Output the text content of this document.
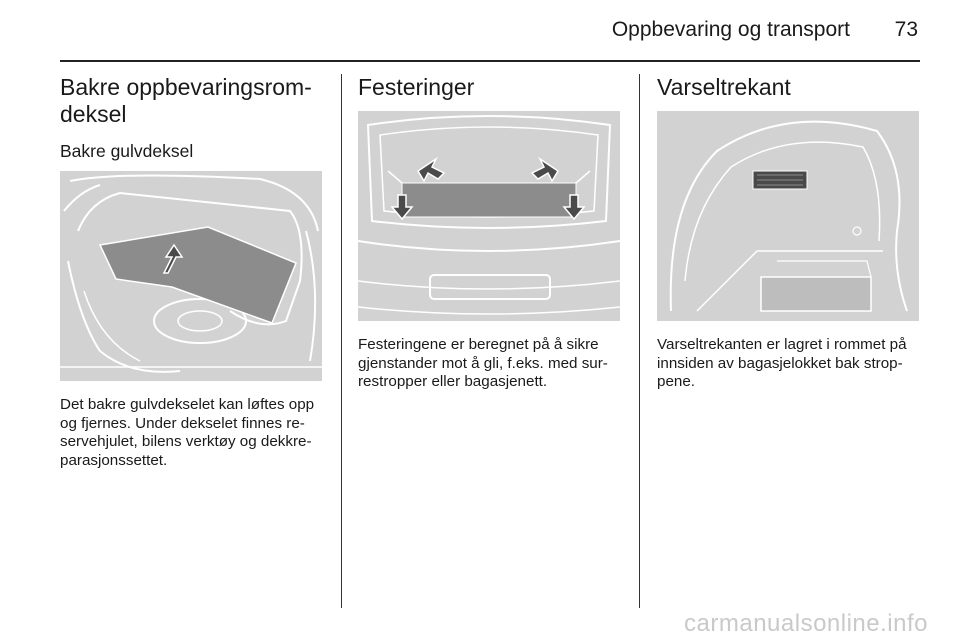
Oppbevaring og transport	73
Bakre oppbevaringsrom-
deksel
Bakre gulvdeksel
Det bakre gulvdekselet kan løftes opp
og fjernes. Under dekselet finnes re-
servehjulet, bilens verktøy og dekkre-
parasjonssettet.
Festeringer
Festeringene er beregnet på å sikre
gjenstander mot å gli, f.eks. med sur-
restropper eller bagasjenett.
Varseltrekant
Varseltrekanten er lagret i rommet på
innsiden av bagasjelokket bak strop-
pene.
carmanualsonline.info
